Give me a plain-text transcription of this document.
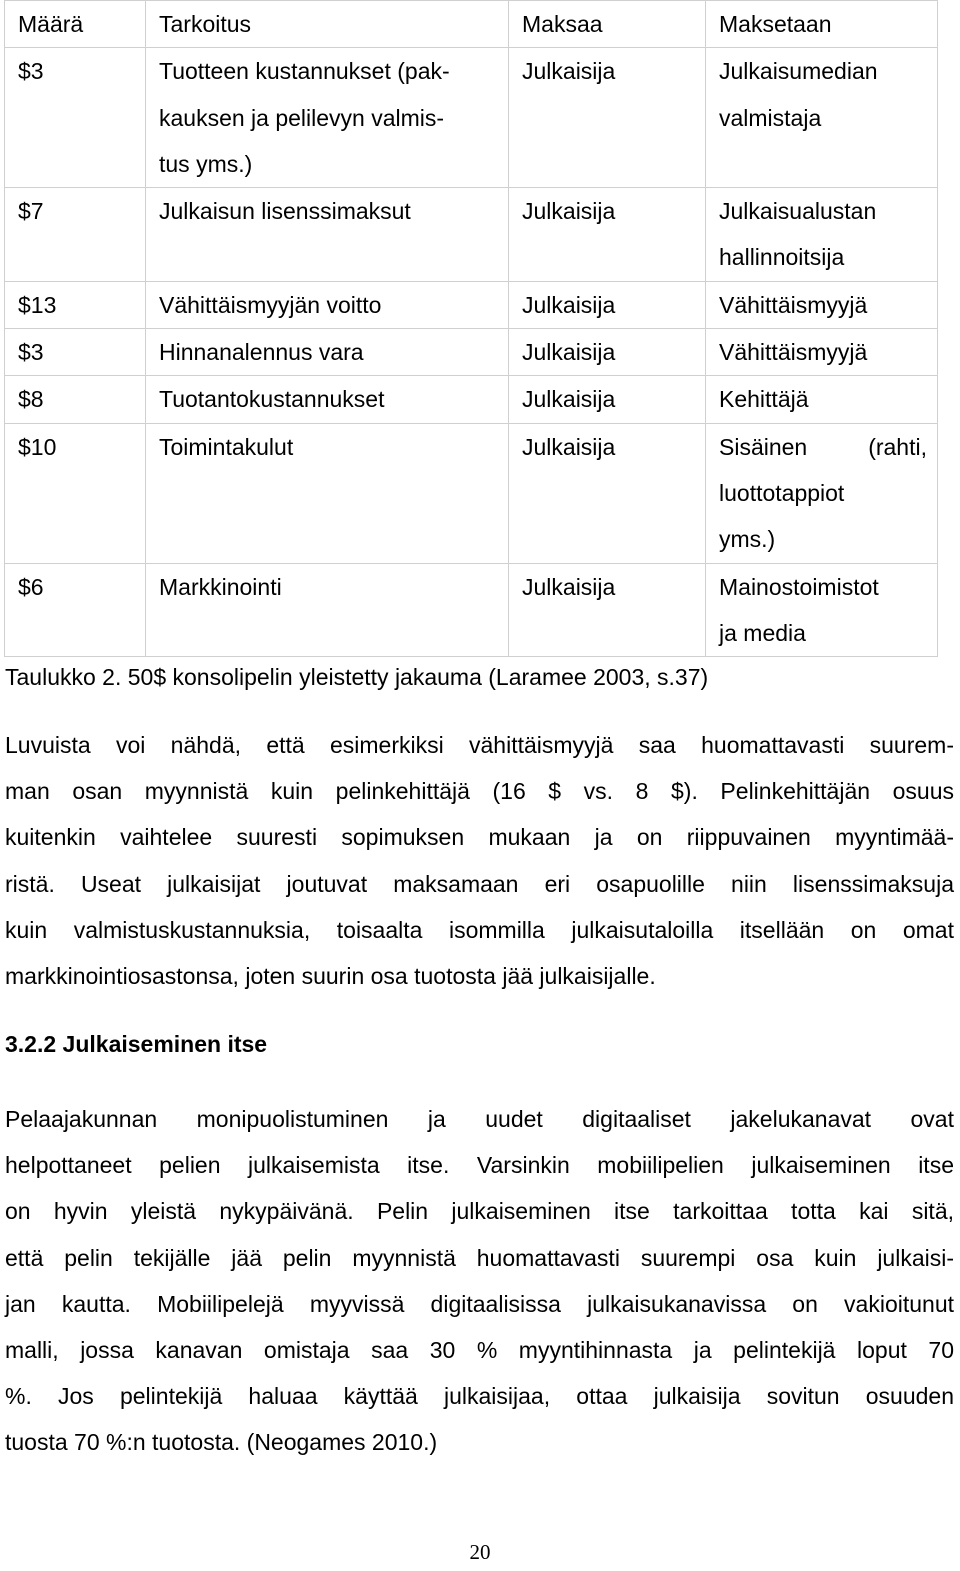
Määrä	Tarkoitus	Maksaa	Maksetaan
$3	Tuotteen kustannukset (pak-
kauksen ja pelilevyn valmis-
tus yms.)	Julkaisija	Julkaisumedian
valmistaja

$7	Julkaisun lisenssimaksut	Julkaisija	Julkaisualustan
hallinnoitsija

$13	Vähittäismyyjän voitto	Julkaisija	Vähittäismyyjä

$3	Hinnanalennus vara	Julkaisija	Vähittäismyyjä

$8	Tuotantokustannukset	Julkaisija	Kehittäjä

$10	Toimintakulut	Julkaisija	Sisäinen (rahti,
luottotappiot
yms.)

$6	Markkinointi	Julkaisija	Mainostoimistot
ja media
Taulukko 2. 50$ konsolipelin yleistetty jakauma (Laramee 2003, s.37)
Luvuista voi nähdä, että esimerkiksi vähittäismyyjä saa huomattavasti suurem-
man osan myynnistä kuin pelinkehittäjä (16 $ vs. 8 $). Pelinkehittäjän osuus
kuitenkin vaihtelee suuresti sopimuksen mukaan ja on riippuvainen myyntimää-
ristä. Useat julkaisijat joutuvat maksamaan eri osapuolille niin lisenssimaksuja
kuin valmistuskustannuksia, toisaalta isommilla julkaisutaloilla itsellään on omat
markkinointiosastonsa, joten suurin osa tuotosta jää julkaisijalle.
3.2.2 Julkaiseminen itse
Pelaajakunnan monipuolistuminen ja uudet digitaaliset jakelukanavat ovat
helpottaneet pelien julkaisemista itse. Varsinkin mobiilipelien julkaiseminen itse
on hyvin yleistä nykypäivänä. Pelin julkaiseminen itse tarkoittaa totta kai sitä,
että pelin tekijälle jää pelin myynnistä huomattavasti suurempi osa kuin julkaisi-
jan kautta. Mobiilipelejä myyvissä digitaalisissa julkaisukanavissa on vakioitunut
malli, jossa kanavan omistaja saa 30 % myyntihinnasta ja pelintekijä loput 70
%. Jos pelintekijä haluaa käyttää julkaisijaa, ottaa julkaisija sovitun osuuden
tuosta 70 %:n tuotosta. (Neogames 2010.)
20
